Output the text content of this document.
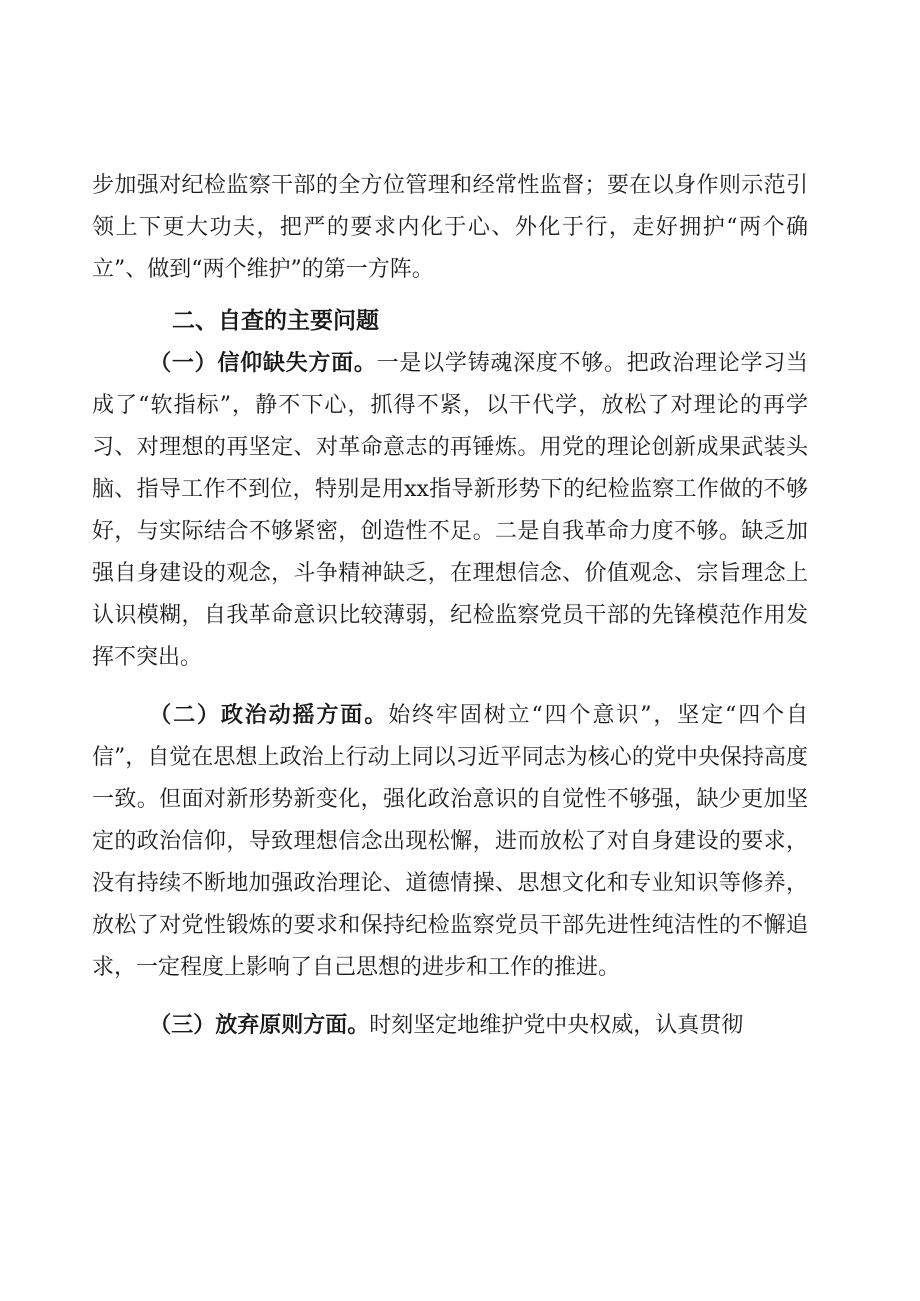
步加强对纪检监察干部的全方位管理和经常性监督；要在以身作则示范引领上下更大功夫，把严的要求内化于心、外化于行，走好拥护“两个确立”、做到“两个维护”的第一方阵。

二、自查的主要问题

（一）信仰缺失方面。一是以学铸魂深度不够。把政治理论学习当成了“软指标”，静不下心，抓得不紧，以干代学，放松了对理论的再学习、对理想的再坚定、对革命意志的再锤炼。用党的理论创新成果武装头脑、指导工作不到位，特别是用xx指导新形势下的纪检监察工作做的不够好，与实际结合不够紧密，创造性不足。二是自我革命力度不够。缺乏加强自身建设的观念，斗争精神缺乏，在理想信念、价值观念、宗旨理念上认识模糊，自我革命意识比较薄弱，纪检监察党员干部的先锋模范作用发挥不突出。

（二）政治动摇方面。始终牢固树立“四个意识”，坚定“四个自信”，自觉在思想上政治上行动上同以习近平同志为核心的党中央保持高度一致。但面对新形势新变化，强化政治意识的自觉性不够强，缺少更加坚定的政治信仰，导致理想信念出现松懈，进而放松了对自身建设的要求，没有持续不断地加强政治理论、道德情操、思想文化和专业知识等修养，放松了对党性锻炼的要求和保持纪检监察党员干部先进性纯洁性的不懈追求，一定程度上影响了自己思想的进步和工作的推进。

（三）放弃原则方面。时刻坚定地维护党中央权威，认真贯彻
